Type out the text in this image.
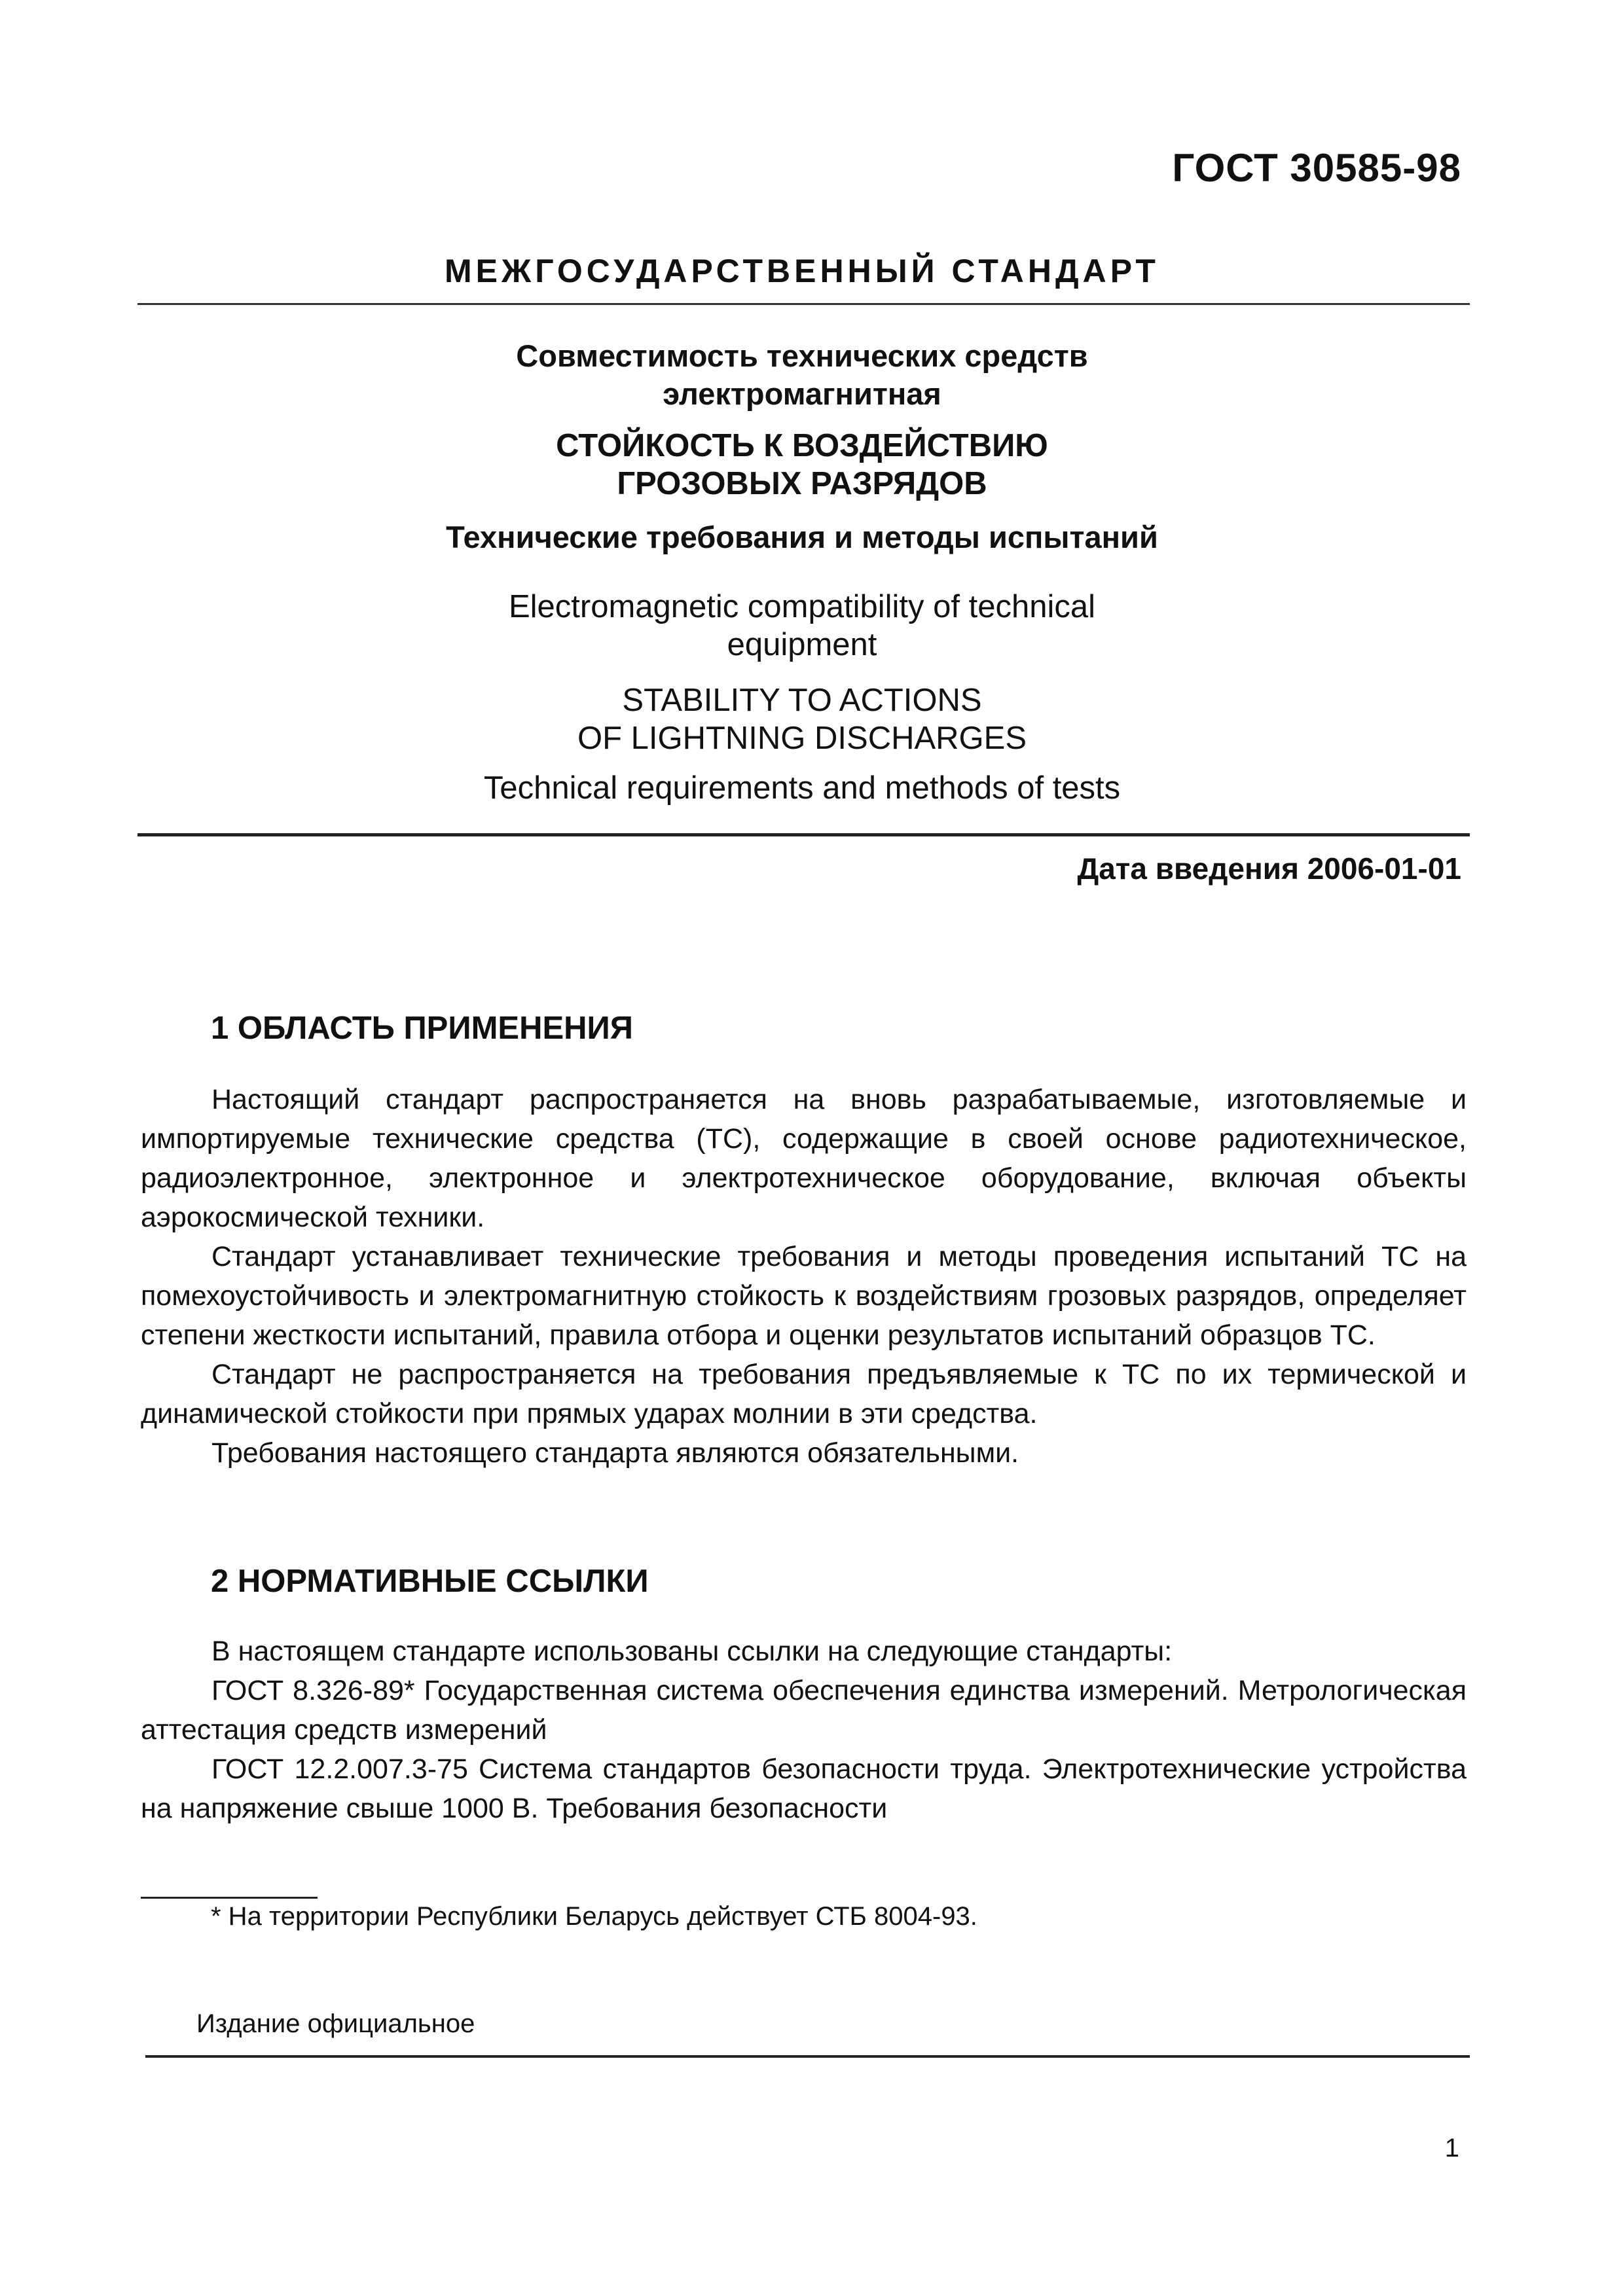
ГОСТ 30585-98
МЕЖГОСУДАРСТВЕННЫЙ СТАНДАРТ
Совместимость технических средств
электромагнитная
СТОЙКОСТЬ К ВОЗДЕЙСТВИЮ
ГРОЗОВЫХ РАЗРЯДОВ
Технические требования и методы испытаний
Electromagnetic compatibility of technical
equipment
STABILITY TO ACTIONS
OF LIGHTNING DISCHARGES
Technical requirements and methods of tests
Дата введения 2006-01-01
1 ОБЛАСТЬ ПРИМЕНЕНИЯ

Настоящий стандарт распространяется на вновь разрабатываемые, изготовляемые и импортируемые технические средства (ТС), содержащие в своей основе радиотехническое, радиоэлектронное, электронное и электротехническое оборудование, включая объекты аэрокосмической техники.

Стандарт устанавливает технические требования и методы проведения испытаний ТС на помехоустойчивость и электромагнитную стойкость к воздействиям грозовых разрядов, определяет степени жесткости испытаний, правила отбора и оценки результатов испытаний образцов ТС.

Стандарт не распространяется на требования предъявляемые к ТС по их термической и динамической стойкости при прямых ударах молнии в эти средства.

Требования настоящего стандарта являются обязательными.

2 НОРМАТИВНЫЕ ССЫЛКИ

В настоящем стандарте использованы ссылки на следующие стандарты:

ГОСТ 8.326-89* Государственная система обеспечения единства измерений. Метрологическая аттестация средств измерений

ГОСТ 12.2.007.3-75 Система стандартов безопасности труда. Электротехнические устройства на напряжение свыше 1000 В. Требования безопасности

* На территории Республики Беларусь действует СТБ 8004-93.
Издание официальное
1
